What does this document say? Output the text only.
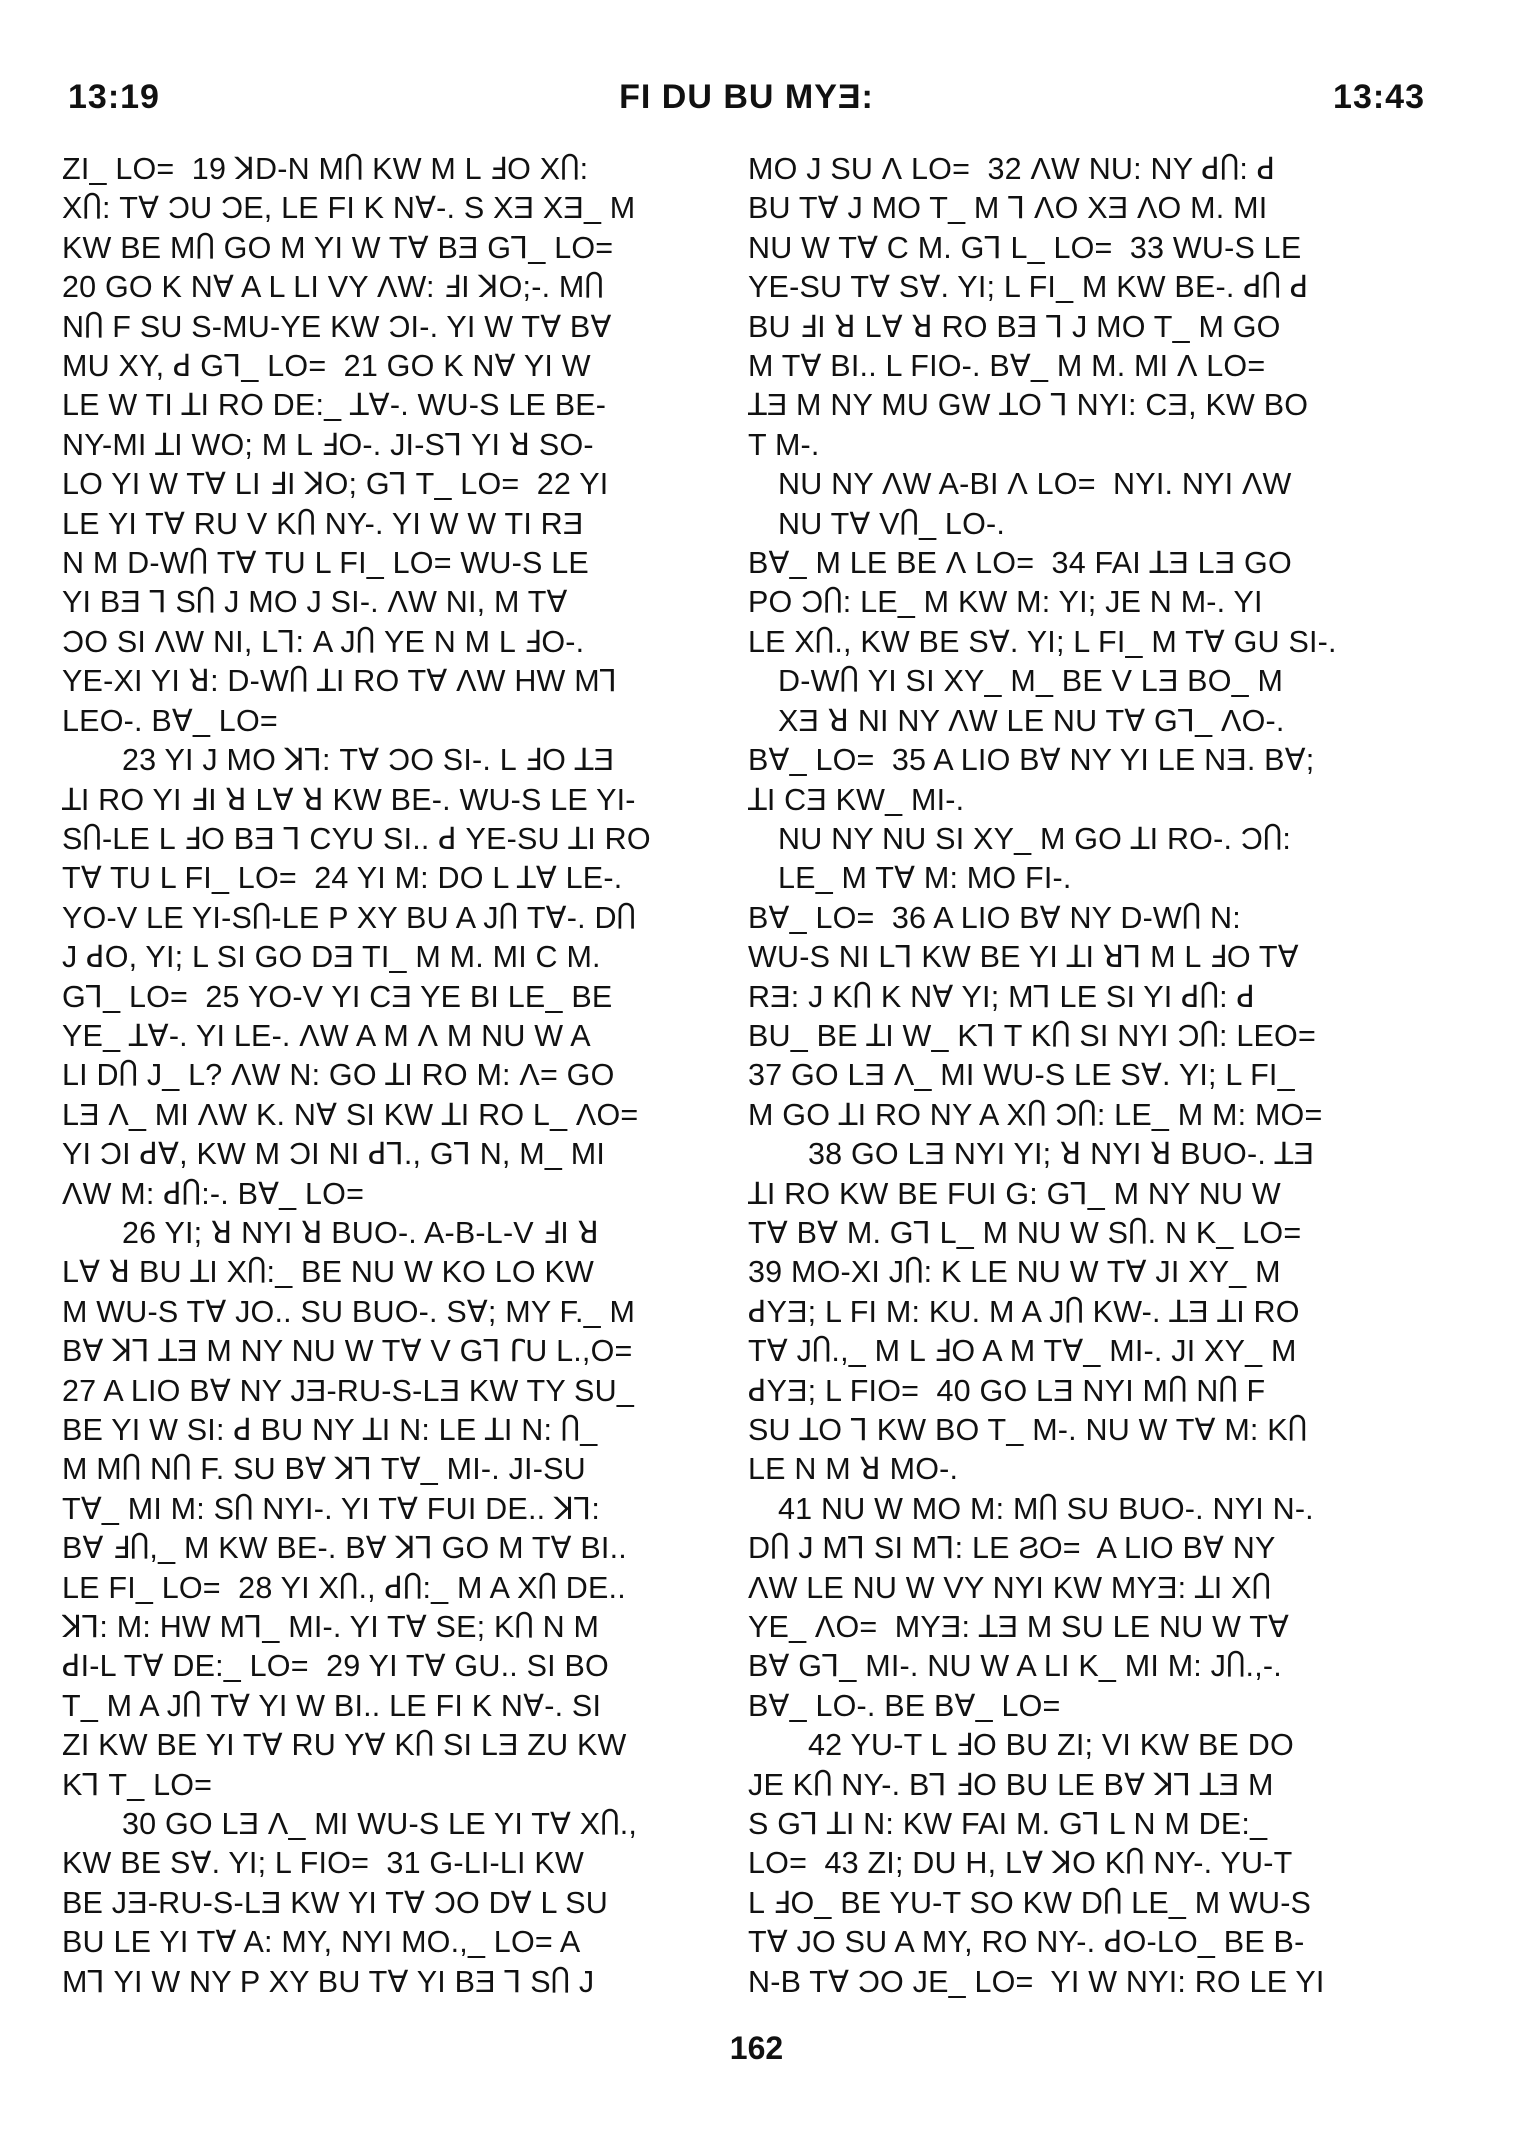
13:19	FI DU BU MYƎ:	13:43
ZI_ LO=  19 ꓘD-N MႶ KW M L ꓞO XႶ:
XႶ: TⱯ ƆU ƆE, LE FI K NⱯ-. S XƎ XƎ_ M
KW BE MႶ GO M YI W TⱯ BƎ Gꓶ_ LO=
20 GO K NⱯ A L LI VY ɅW: ꓞI ꓘO;-. MႶ
NႶ F SU S-MU-YE KW ƆI-. YI W TⱯ BⱯ
MU XY, ꓒ Gꓶ_ LO=  21 GO K NⱯ YI W
LE W TI ꓕI RO DE:_ ꓕⱯ-. WU-S LE BE-
NY-MI ꓕI WO; M L ꓞO-. JI-Sꓶ YI ꓤ SO-
LO YI W TⱯ LI ꓞI ꓘO; Gꓶ T_ LO=  22 YI
LE YI TⱯ RU V KႶ NY-. YI W W TI RƎ
N M D-WႶ TⱯ TU L FI_ LO= WU-S LE
YI BƎ ꓶ SႶ J MO J SI-. ɅW NI, M TⱯ
ƆO SI ɅW NI, Lꓶ: A JႶ YE N M L ꓞO-.
YE-XI YI ꓤ: D-WႶ ꓕI RO TⱯ ɅW HW Mꓶ
LEO-. BⱯ_ LO=
23 YI J MO ꓘꓶ: TⱯ ƆO SI-. L ꓞO ꓕƎ
ꓕI RO YI ꓞI ꓤ LⱯ ꓤ KW BE-. WU-S LE YI-
SႶ-LE L ꓞO BƎ ꓶ CYU SI.. ꓒ YE-SU ꓕI RO
TⱯ TU L FI_ LO=  24 YI M: DO L ꓕⱯ LE-.
YO-V LE YI-SႶ-LE P XY BU A JႶ TⱯ-. DႶ
J ꓒO, YI; L SI GO DƎ TI_ M M. MI C M.
Gꓶ_ LO=  25 YO-V YI CƎ YE BI LE_ BE
YE_ ꓕⱯ-. YI LE-. ɅW A M Ʌ M NU W A
LI DႶ J_ L? ɅW N: GO ꓕI RO M: Ʌ= GO
LƎ Ʌ_ MI ɅW K. NⱯ SI KW ꓕI RO L_ ɅO=
YI ƆI ꓒⱯ, KW M ƆI NI ꓒꓶ., Gꓶ N, M_ MI
ɅW M: ꓒႶ:-. BⱯ_ LO=
26 YI; ꓤ NYI ꓤ BUO-. A-B-L-V ꓞI ꓤ
LⱯ ꓤ BU ꓕI XႶ:_ BE NU W KO LO KW
M WU-S TⱯ JO.. SU BUO-. SⱯ; MY F._ M
BⱯ ꓘꓶ ꓕƎ M NY NU W TⱯ V Gꓶ ꓩU L.,O=
27 A LIO BⱯ NY JƎ-RU-S-LƎ KW TY SU_
BE YI W SI: ꓒ BU NY ꓕI N: LE ꓕI N: Ⴖ_
M MႶ NႶ F. SU BⱯ ꓘꓶ TⱯ_ MI-. JI-SU
TⱯ_ MI M: SႶ NYI-. YI TⱯ FUI DE.. ꓘꓶ:
BⱯ ꓞႶ,_ M KW BE-. BⱯ ꓘꓶ GO M TⱯ BI..
LE FI_ LO=  28 YI XႶ., ꓒႶ:_ M A XႶ DE..
ꓘꓶ: M: HW Mꓶ_ MI-. YI TⱯ SE; KႶ N M
ꓒI-L TⱯ DE:_ LO=  29 YI TⱯ GU.. SI BO
T_ M A JႶ TⱯ YI W BI.. LE FI K NⱯ-. SI
ZI KW BE YI TⱯ RU YⱯ KႶ SI LƎ ZU KW
Kꓶ T_ LO=
30 GO LƎ Ʌ_ MI WU-S LE YI TⱯ XႶ.,
KW BE SⱯ. YI; L FIO=  31 G-LI-LI KW
BE JƎ-RU-S-LƎ KW YI TⱯ ƆO DⱯ L SU
BU LE YI TⱯ A: MY, NYI MO.,_ LO= A
Mꓶ YI W NY P XY BU TⱯ YI BƎ ꓶ SႶ J
MO J SU Ʌ LO=  32 ɅW NU: NY ꓒႶ: ꓒ
BU TⱯ J MO T_ M ꓶ ɅO XƎ ɅO M. MI
NU W TⱯ C M. Gꓶ L_ LO=  33 WU-S LE
YE-SU TⱯ SⱯ. YI; L FI_ M KW BE-. ꓒႶ ꓒ
BU ꓞI ꓤ LⱯ ꓤ RO BƎ ꓶ J MO T_ M GO
M TⱯ BI.. L FIO-. BⱯ_ M M. MI Ʌ LO=
ꓕƎ M NY MU GW ꓕO ꓶ NYI: CƎ, KW BO
T M-.
NU NY ɅW A-BI Ʌ LO=  NYI. NYI ɅW
NU TⱯ VႶ_ LO-.
BⱯ_ M LE BE Ʌ LO=  34 FAI ꓕƎ LƎ GO
PO ƆႶ: LE_ M KW M: YI; JE N M-. YI
LE XႶ., KW BE SⱯ. YI; L FI_ M TⱯ GU SI-.
D-WႶ YI SI XY_ M_ BE V LƎ BO_ M
XƎ ꓤ NI NY ɅW LE NU TⱯ Gꓶ_ ɅO-.
BⱯ_ LO=  35 A LIO BⱯ NY YI LE NƎ. BⱯ;
ꓕI CƎ KW_ MI-.
NU NY NU SI XY_ M GO ꓕI RO-. ƆႶ:
LE_ M TⱯ M: MO FI-.
BⱯ_ LO=  36 A LIO BⱯ NY D-WႶ N:
WU-S NI Lꓶ KW BE YI ꓕI ꓤꓶ M L ꓞO TⱯ
RƎ: J KႶ K NⱯ YI; Mꓶ LE SI YI ꓒႶ: ꓒ
BU_ BE ꓕI W_ Kꓶ T KႶ SI NYI ƆႶ: LEO=
37 GO LƎ Ʌ_ MI WU-S LE SⱯ. YI; L FI_
M GO ꓕI RO NY A XႶ ƆႶ: LE_ M M: MO=
38 GO LƎ NYI YI; ꓤ NYI ꓤ BUO-. ꓕƎ
ꓕI RO KW BE FUI G: Gꓶ_ M NY NU W
TⱯ BⱯ M. Gꓶ L_ M NU W SႶ. N K_ LO=
39 MO-XI JႶ: K LE NU W TⱯ JI XY_ M
ꓒYƎ; L FI M: KU. M A JႶ KW-. ꓕƎ ꓕI RO
TⱯ JႶ.,_ M L ꓞO A M TⱯ_ MI-. JI XY_ M
ꓒYƎ; L FIO=  40 GO LƎ NYI MႶ NႶ F
SU ꓕO ꓶ KW BO T_ M-. NU W TⱯ M: KႶ
LE N M ꓤ MO-.
41 NU W MO M: MႶ SU BUO-. NYI N-.
DႶ J Mꓶ SI Mꓶ: LE ϨO=  A LIO BⱯ NY
ɅW LE NU W VY NYI KW MYƎ: ꓕI XႶ
YE_ ɅO=  MYƎ: ꓕƎ M SU LE NU W TⱯ
BⱯ Gꓶ_ MI-. NU W A LI K_ MI M: JႶ.,-.
BⱯ_ LO-. BE BⱯ_ LO=
42 YU-T L ꓞO BU ZI; VI KW BE DO
JE KႶ NY-. Bꓶ ꓞO BU LE BⱯ ꓘꓶ ꓕƎ M
S Gꓶ ꓕI N: KW FAI M. Gꓶ L N M DE:_
LO=  43 ZI; DU H, LⱯ ꓘO KႶ NY-. YU-T
L ꓞO_ BE YU-T SO KW DႶ LE_ M WU-S
TⱯ JO SU A MY, RO NY-. ꓒO-LO_ BE B-
N-B TⱯ ƆO JE_ LO=  YI W NYI: RO LE YI
162
